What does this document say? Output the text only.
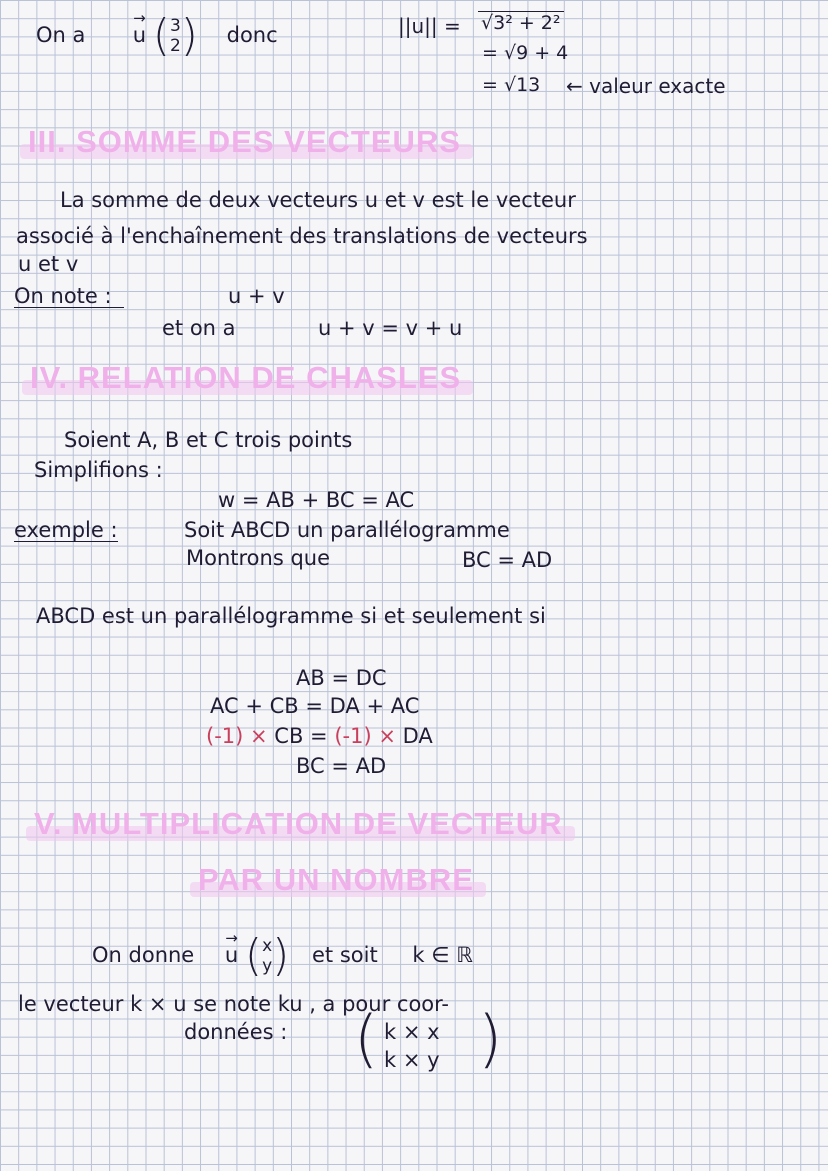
On a → u ( 3
2 ) donc	||u|| = √3² + 2²
= √9 + 4
= √13 ← valeur exacte
III. SOMME DES VECTEURS
La somme de deux vecteurs u et v est le vecteur
associé à l'enchaînement des translations de vecteurs
u et v
On note :	u + v
et on a	u + v = v + u
IV. RELATION DE CHASLES
Soient A, B et C trois points
Simplifions :
w = AB + BC = AC
exemple :	Soit ABCD un parallélogramme
Montrons que	BC = AD
ABCD est un parallélogramme si et seulement si
AB = DC
AC + CB = DA + AC
(-1) × CB = (-1) × DA
BC = AD
V. MULTIPLICATION DE VECTEUR
PAR UN NOMBRE
On donne → u ( x
y ) et soit k ∈ ℝ
le vecteur k × u se note ku , a pour coor-
données : ( k × x
k × y )
